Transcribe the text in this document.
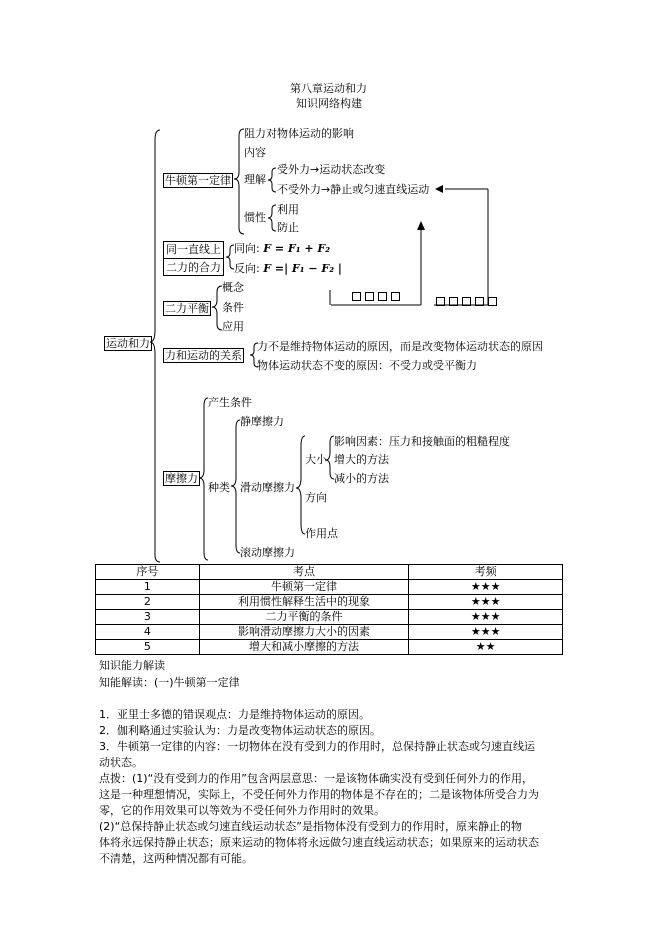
第八章运动和力
知识网络构建
运动和力
牛顿第一定律
阻力对物体运动的影响
内容
理解
受外力→运动状态改变
不受外力→静止或匀速直线运动
惯性
利用
防止
同一直线上
二力的合力
同向: F = F₁ + F₂
反向: F =| F₁ − F₂ |
二力平衡
概念
条件
应用
力和运动的关系
力不是维持物体运动的原因，而是改变物体运动状态的原因
物体运动状态不变的原因：不受力或受平衡力
摩擦力
产生条件
种类
静摩擦力
滑动摩擦力
滚动摩擦力
大小
影响因素：压力和接触面的粗糙程度
增大的方法
减小的方法
方向
作用点
序号	考点	考频
1	牛顿第一定律	★★★
2	利用惯性解释生活中的现象	★★★
3	二力平衡的条件	★★★
4	影响滑动摩擦力大小的因素	★★★
5	增大和减小摩擦的方法	★★
知识能力解读
知能解读：(一)牛顿第一定律
1．亚里士多德的错误观点：力是维持物体运动的原因。
2．伽利略通过实验认为：力是改变物体运动状态的原因。
3．牛顿第一定律的内容：一切物体在没有受到力的作用时，总保持静止状态或匀速直线运
动状态。
点拨：(1)“没有受到力的作用”包含两层意思：一是该物体确实没有受到任何外力的作用，
这是一种理想情况，实际上，不受任何外力作用的物体是不存在的；二是该物体所受合力为
零，它的作用效果可以等效为不受任何外力作用时的效果。
(2)“总保持静止状态或匀速直线运动状态”是指物体没有受到力的作用时，原来静止的物
体将永远保持静止状态；原来运动的物体将永远做匀速直线运动状态；如果原来的运动状态
不清楚，这两种情况都有可能。
